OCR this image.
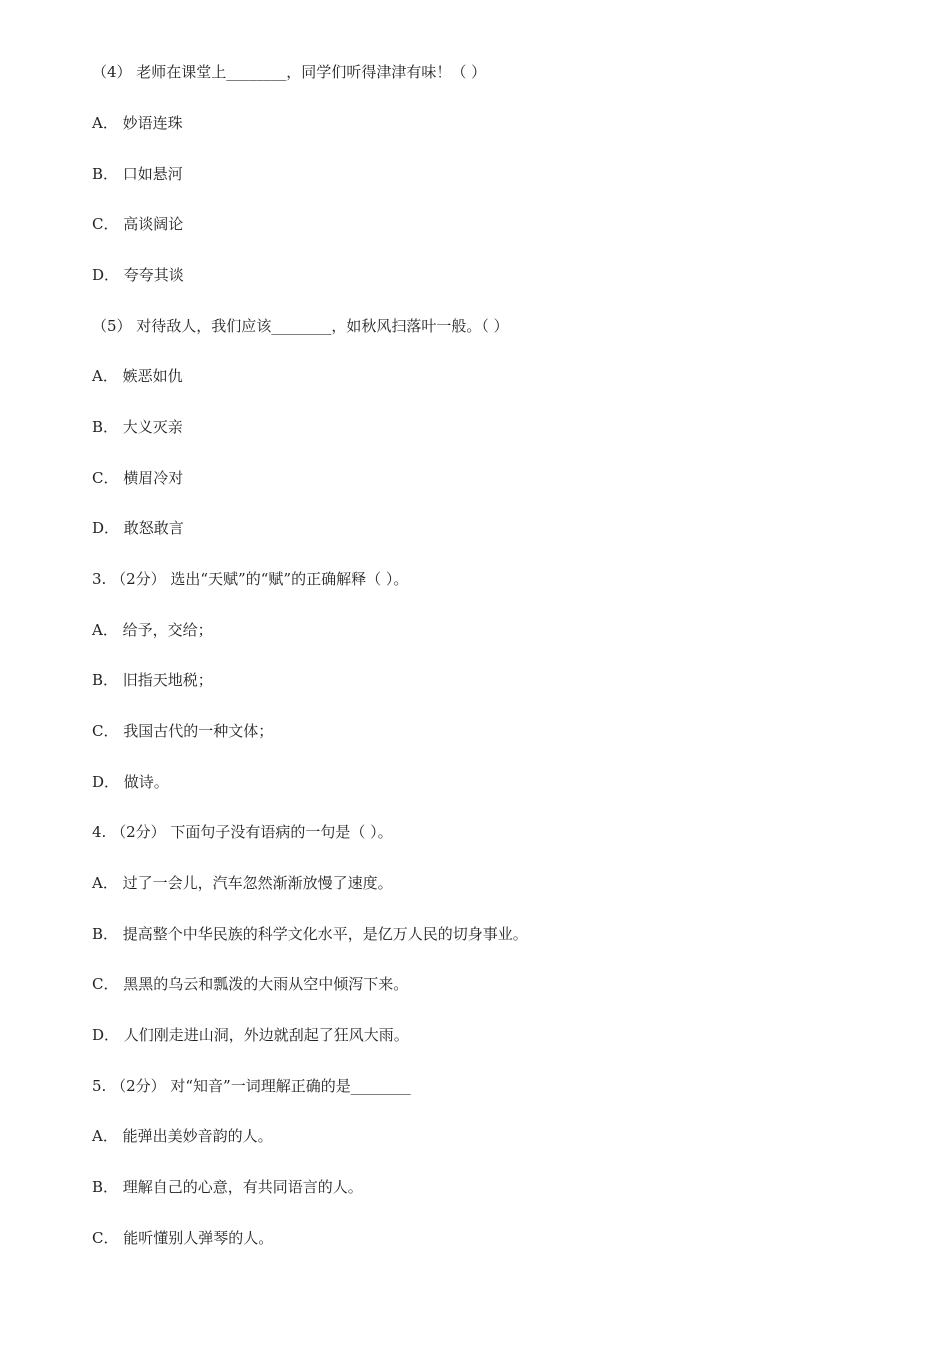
（4） 老师在课堂上________，同学们听得津津有味！（ ）
A． 妙语连珠
B． 口如悬河
C． 高谈阔论
D． 夸夸其谈
（5） 对待敌人，我们应该________，如秋风扫落叶一般。（ ）
A． 嫉恶如仇
B． 大义灭亲
C． 横眉冷对
D． 敢怒敢言
3. （2分） 选出“天赋”的“赋”的正确解释（ ）。
A． 给予，交给；
B． 旧指天地税；
C． 我国古代的一种文体；
D． 做诗。
4. （2分） 下面句子没有语病的一句是（ ）。
A． 过了一会儿，汽车忽然渐渐放慢了速度。
B． 提高整个中华民族的科学文化水平，是亿万人民的切身事业。
C． 黑黑的乌云和瓢泼的大雨从空中倾泻下来。
D． 人们刚走进山洞，外边就刮起了狂风大雨。
5. （2分） 对“知音”一词理解正确的是________
A． 能弹出美妙音韵的人。
B． 理解自己的心意，有共同语言的人。
C． 能听懂别人弹琴的人。
